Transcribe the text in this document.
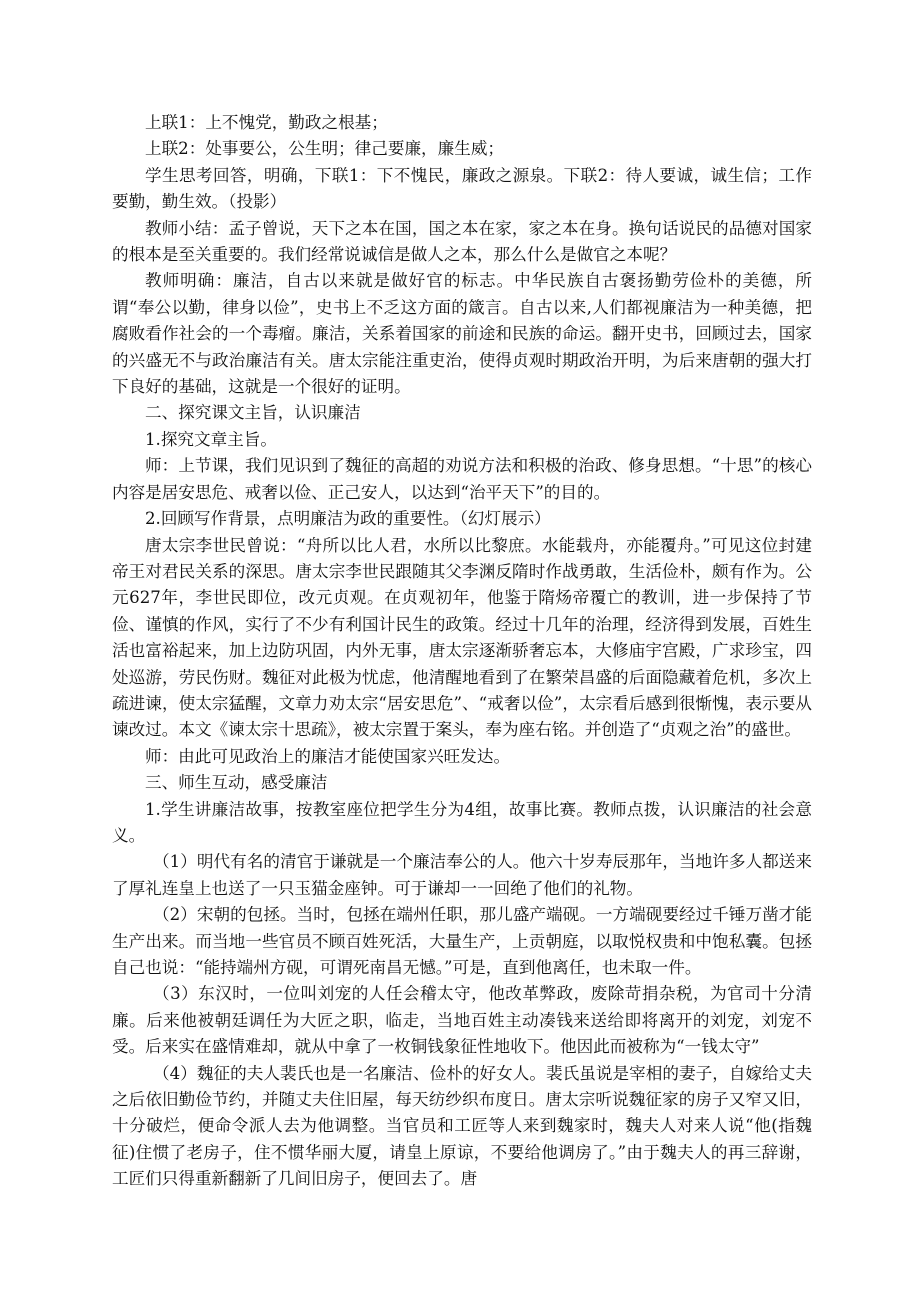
上联1：上不愧党，勤政之根基；

上联2：处事要公，公生明；律己要廉，廉生威；

学生思考回答，明确，下联1：下不愧民，廉政之源泉。下联2：待人要诚，诚生信；工作要勤，勤生效。（投影）

教师小结：孟子曾说，天下之本在国，国之本在家，家之本在身。换句话说民的品德对国家的根本是至关重要的。我们经常说诚信是做人之本，那么什么是做官之本呢？

教师明确：廉洁，自古以来就是做好官的标志。中华民族自古褒扬勤劳俭朴的美德，所谓“奉公以勤，律身以俭”，史书上不乏这方面的箴言。自古以来,人们都视廉洁为一种美德，把腐败看作社会的一个毒瘤。廉洁，关系着国家的前途和民族的命运。翻开史书，回顾过去，国家的兴盛无不与政治廉洁有关。唐太宗能注重吏治，使得贞观时期政治开明，为后来唐朝的强大打下良好的基础，这就是一个很好的证明。

二、探究课文主旨，认识廉洁

1.探究文章主旨。

师：上节课，我们见识到了魏征的高超的劝说方法和积极的治政、修身思想。“十思”的核心内容是居安思危、戒奢以俭、正己安人，以达到“治平天下”的目的。

2.回顾写作背景，点明廉洁为政的重要性。（幻灯展示）

唐太宗李世民曾说：“舟所以比人君，水所以比黎庶。水能载舟，亦能覆舟。”可见这位封建帝王对君民关系的深思。唐太宗李世民跟随其父李渊反隋时作战勇敢，生活俭朴，颇有作为。公元627年，李世民即位，改元贞观。在贞观初年，他鉴于隋炀帝覆亡的教训，进一步保持了节俭、谨慎的作风，实行了不少有利国计民生的政策。经过十几年的治理，经济得到发展，百姓生活也富裕起来，加上边防巩固，内外无事，唐太宗逐渐骄奢忘本，大修庙宇宫殿，广求珍宝，四处巡游，劳民伤财。魏征对此极为忧虑，他清醒地看到了在繁荣昌盛的后面隐藏着危机，多次上疏进谏，使太宗猛醒，文章力劝太宗“居安思危”、“戒奢以俭”，太宗看后感到很惭愧，表示要从谏改过。本文《谏太宗十思疏》，被太宗置于案头，奉为座右铭。并创造了“贞观之治”的盛世。

师：由此可见政治上的廉洁才能使国家兴旺发达。

三、师生互动，感受廉洁

1.学生讲廉洁故事，按教室座位把学生分为4组，故事比赛。教师点拨，认识廉洁的社会意义。

（1）明代有名的清官于谦就是一个廉洁奉公的人。他六十岁寿辰那年，当地许多人都送来了厚礼连皇上也送了一只玉猫金座钟。可于谦却一一回绝了他们的礼物。

（2）宋朝的包拯。当时，包拯在端州任职，那儿盛产端砚。一方端砚要经过千锤万凿才能生产出来。而当地一些官员不顾百姓死活，大量生产，上贡朝庭，以取悦权贵和中饱私囊。包拯自己也说：“能持端州方砚，可谓死南昌无憾。”可是，直到他离任，也未取一件。

（3）东汉时，一位叫刘宠的人任会稽太守，他改革弊政，废除苛捐杂税，为官司十分清廉。后来他被朝廷调任为大匠之职，临走，当地百姓主动凑钱来送给即将离开的刘宠，刘宠不受。后来实在盛情难却，就从中拿了一枚铜钱象征性地收下。他因此而被称为“一钱太守”

（4）魏征的夫人裴氏也是一名廉洁、俭朴的好女人。裴氏虽说是宰相的妻子，自嫁给丈夫之后依旧勤俭节约，并随丈夫住旧屋，每天纺纱织布度日。唐太宗听说魏征家的房子又窄又旧，十分破烂，便命令派人去为他调整。当官员和工匠等人来到魏家时，魏夫人对来人说“他(指魏征)住惯了老房子，住不惯华丽大厦，请皇上原谅，不要给他调房了。”由于魏夫人的再三辞谢，工匠们只得重新翻新了几间旧房子，便回去了。唐
